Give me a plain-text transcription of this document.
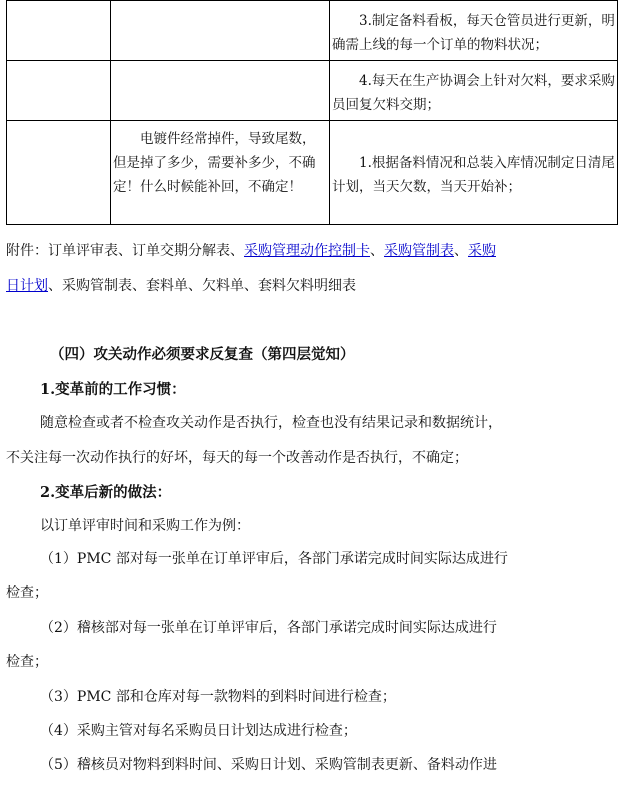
		3.制定备料看板，每天仓管员进行更新，明确需上线的每一个订单的物料状况；
		4.每天在生产协调会上针对欠料，要求采购员回复欠料交期；
	电镀件经常掉件，导致尾数，但是掉了多少，需要补多少，不确定！什么时候能补回，不确定！	1.根据备料情况和总装入库情况制定日清尾计划，当天欠数，当天开始补；
附件：订单评审表、订单交期分解表、采购管理动作控制卡、采购管制表、采购
日计划、采购管制表、套料单、欠料单、套料欠料明细表
（四）攻关动作必须要求反复查（第四层觉知）
1.变革前的工作习惯：
随意检查或者不检查攻关动作是否执行，检查也没有结果记录和数据统计，
不关注每一次动作执行的好坏，每天的每一个改善动作是否执行，不确定；
2.变革后新的做法：
以订单评审时间和采购工作为例：
（1）PMC 部对每一张单在订单评审后，各部门承诺完成时间实际达成进行
检查；
（2）稽核部对每一张单在订单评审后，各部门承诺完成时间实际达成进行
检查；
（3）PMC 部和仓库对每一款物料的到料时间进行检查；
（4）采购主管对每名采购员日计划达成进行检查；
（5）稽核员对物料到料时间、采购日计划、采购管制表更新、备料动作进
